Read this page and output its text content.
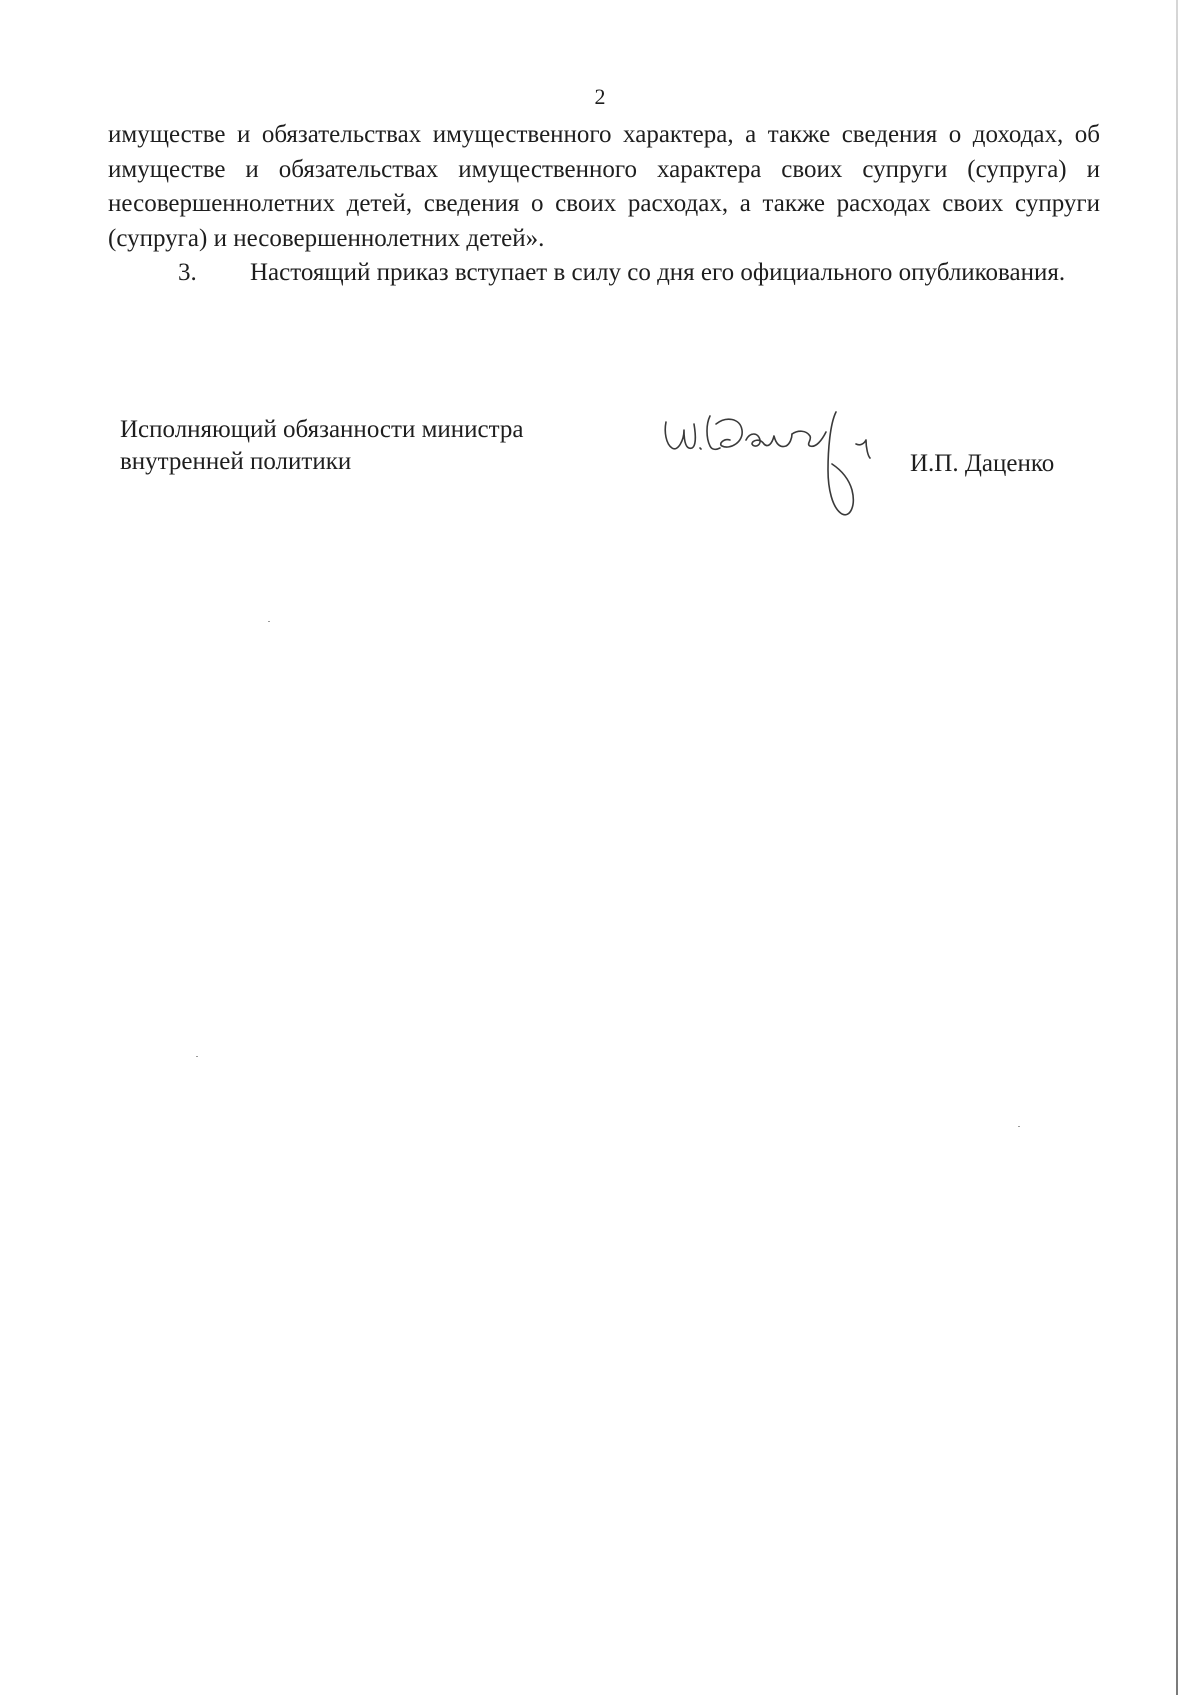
2

имуществе и обязательствах имущественного характера, а также сведения о доходах, об имуществе и обязательствах имущественного характера своих супруги (супруга) и несовершеннолетних детей, сведения о своих расходах, а также расходах своих супруги (супруга) и несовершеннолетних детей».

3. Настоящий приказ вступает в силу со дня его официального опубликования.

Исполняющий обязанности министра
внутренней политики	И.П. Даценко
